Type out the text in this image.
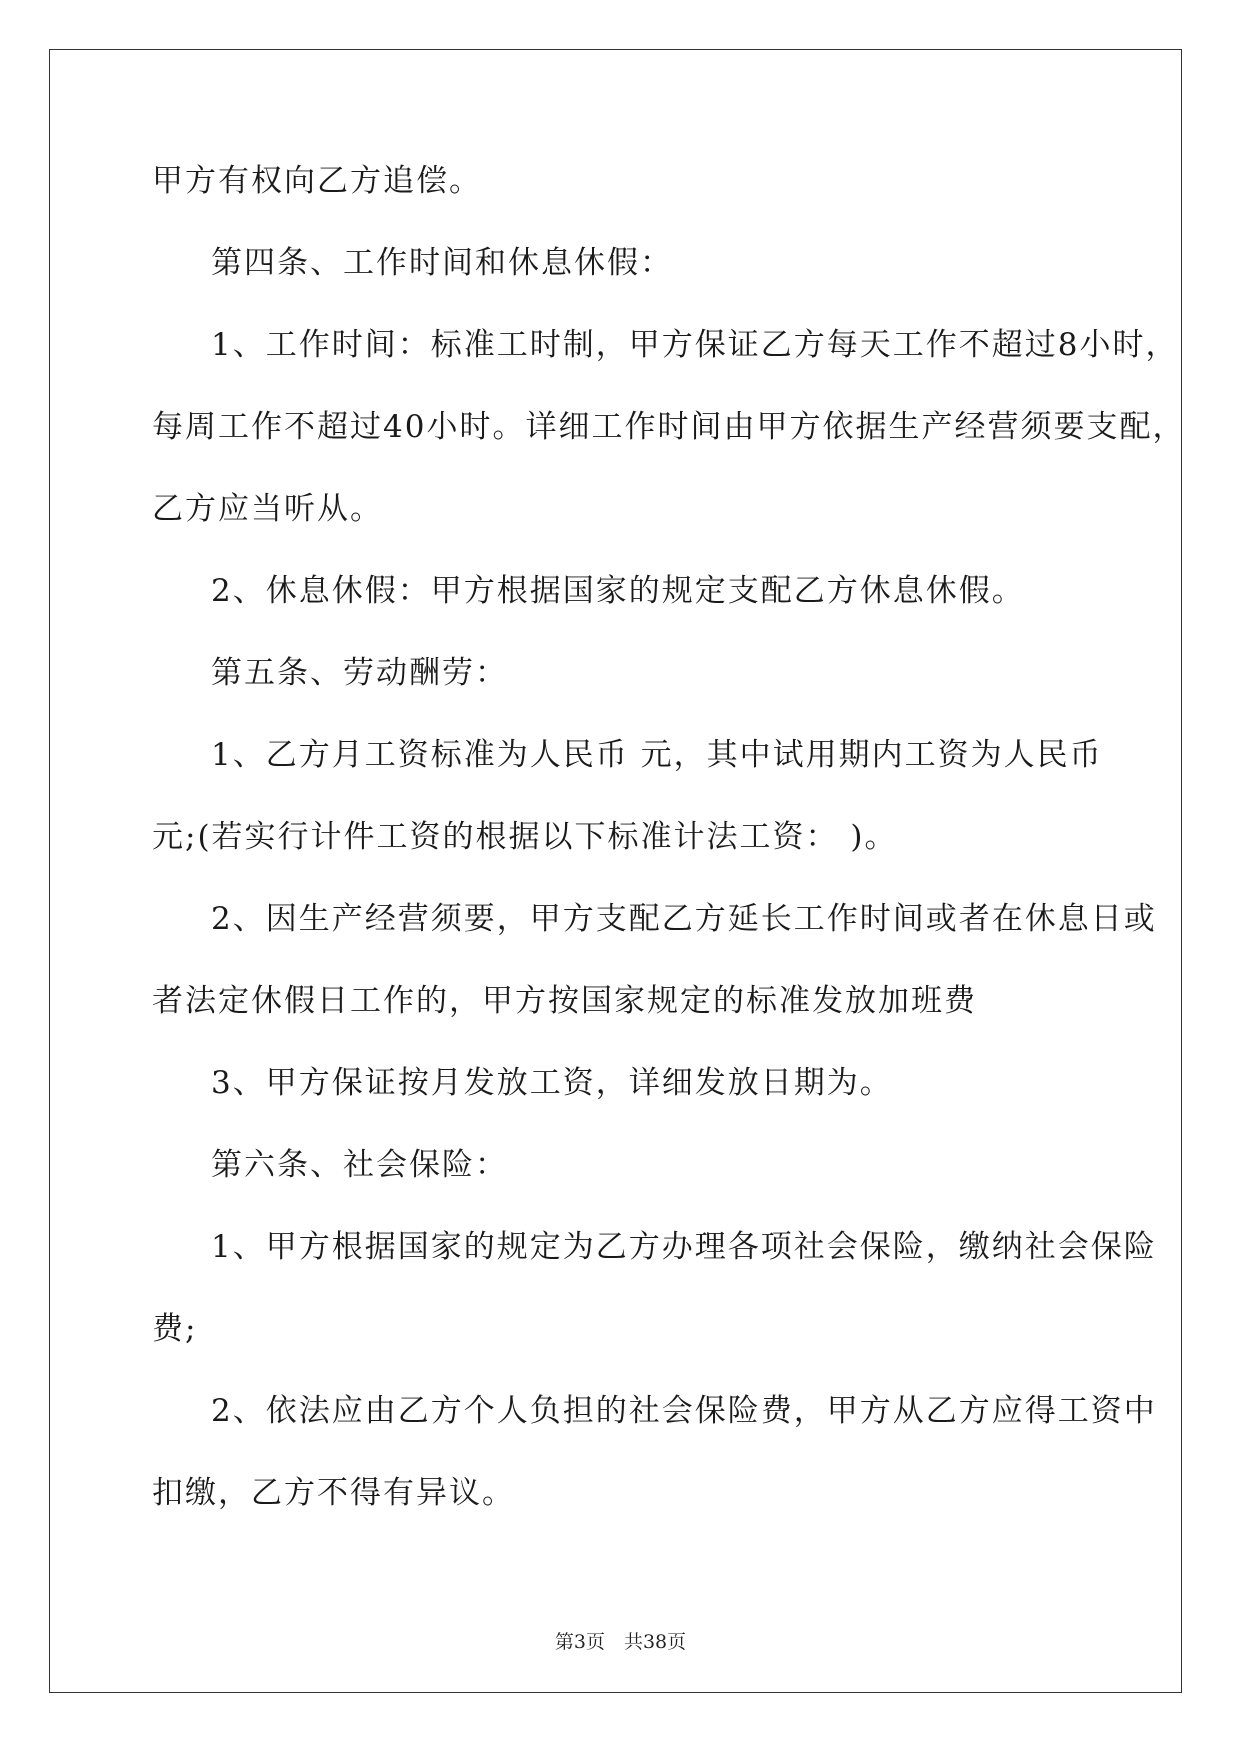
甲方有权向乙方追偿。
第四条、工作时间和休息休假：
1、工作时间：标准工时制，甲方保证乙方每天工作不超过8小时，
每周工作不超过40小时。详细工作时间由甲方依据生产经营须要支配，
乙方应当听从。
2、休息休假：甲方根据国家的规定支配乙方休息休假。
第五条、劳动酬劳：
1、乙方月工资标准为人民币 元，其中试用期内工资为人民币
元;(若实行计件工资的根据以下标准计法工资： )。
2、因生产经营须要，甲方支配乙方延长工作时间或者在休息日或
者法定休假日工作的，甲方按国家规定的标准发放加班费
3、甲方保证按月发放工资，详细发放日期为。
第六条、社会保险：
1、甲方根据国家的规定为乙方办理各项社会保险，缴纳社会保险
费;
2、依法应由乙方个人负担的社会保险费，甲方从乙方应得工资中
扣缴，乙方不得有异议。
第3页　共38页
